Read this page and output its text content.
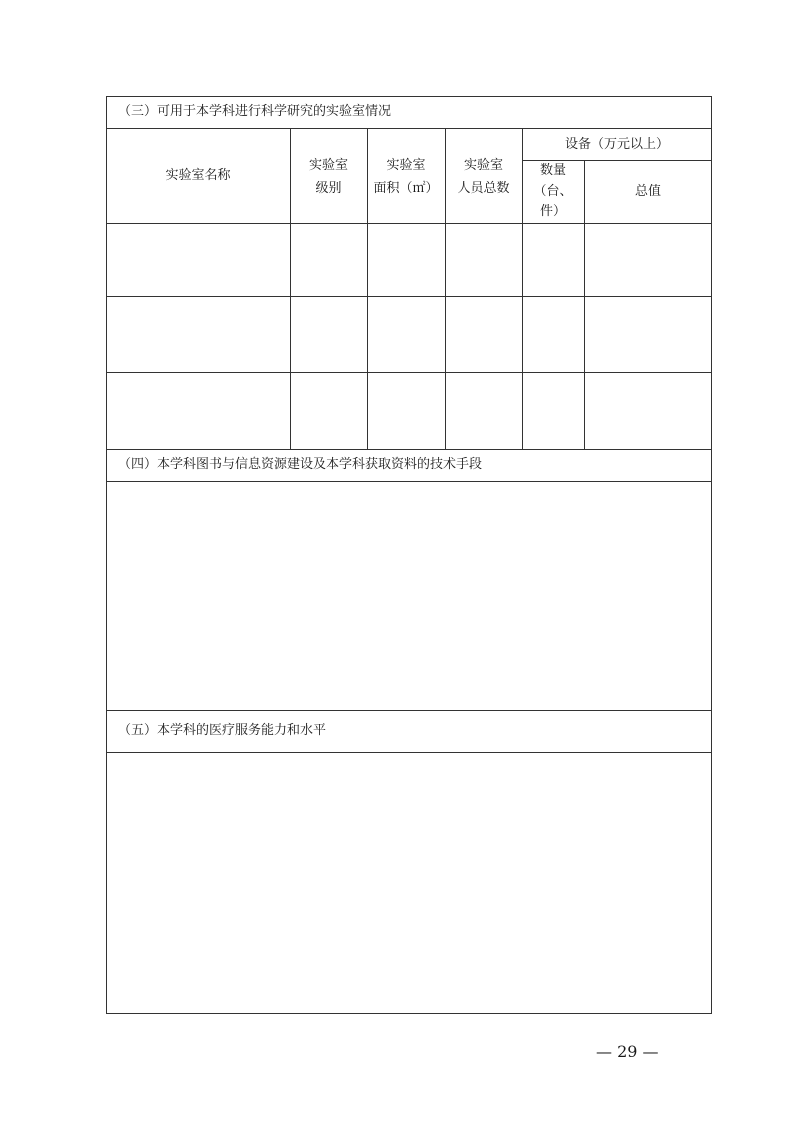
（三）可用于本学科进行科学研究的实验室情况
实验室名称
实验室
级别
实验室
面积（㎡）
实验室
人员总数
设备（万元以上）
数量
（台、
件）
总值
（四）本学科图书与信息资源建设及本学科获取资料的技术手段
（五）本学科的医疗服务能力和水平
— 29 —
